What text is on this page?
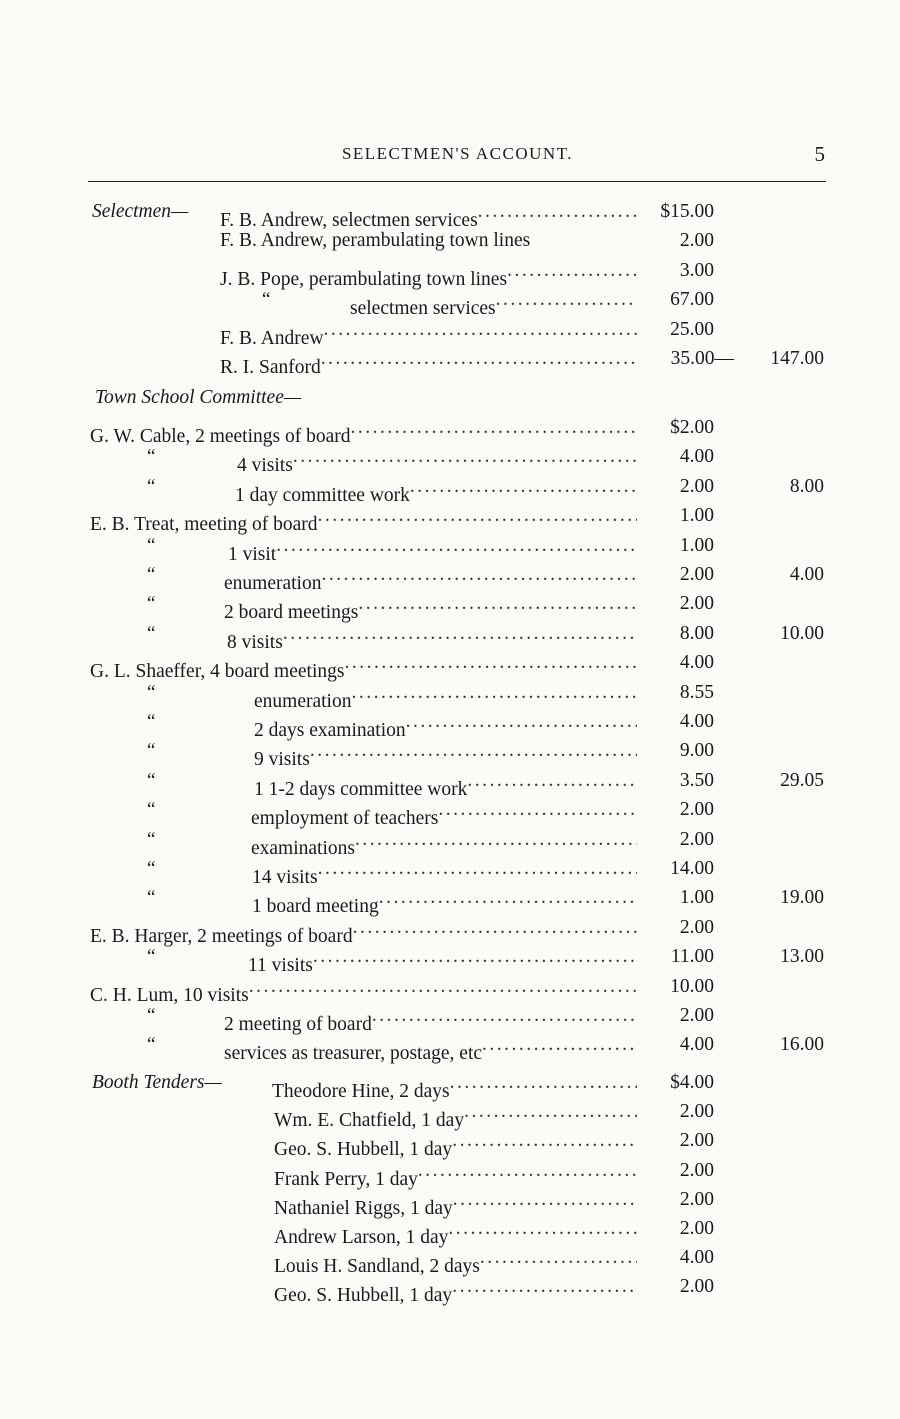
SELECTMEN'S ACCOUNT.	5
Selectmen— F. B. Andrew, selectmen services .....	$15.00
F. B. Andrew, perambulating town lines	2.00
J. B. Pope, perambulating town lines .....	3.00
“	selectmen services .....	67.00
F. B. Andrew .....	25.00
R. I. Sanford .....	35.00—	147.00
Town School Committee—
G. W. Cable, 2 meetings of board .....	$2.00
“	4 visits .....	4.00
“	1 day committee work .....	2.00	8.00
E. B. Treat, meeting of board .....	1.00
“	1 visit .....	1.00
“	enumeration .....	2.00	4.00
“	2 board meetings .....	2.00
“	8 visits .....	8.00	10.00
G. L. Shaeffer, 4 board meetings .....	4.00
“	enumeration .....	8.55
“	2 days examination .....	4.00
“	9 visits .....	9.00
“	1 1-2 days committee work .....	3.50	29.05
“	employment of teachers .....	2.00
“	examinations .....	2.00
“	14 visits .....	14.00
“	1 board meeting .....	1.00	19.00
E. B. Harger, 2 meetings of board .....	2.00
“	11 visits .....	11.00	13.00
C. H. Lum, 10 visits .....	10.00
“	2 meeting of board .....	2.00
“	services as treasurer, postage, etc .....	4.00	16.00
Booth Tenders—	Theodore Hine, 2 days .....	$4.00
Wm. E. Chatfield, 1 day .....	2.00
Geo. S. Hubbell, 1 day .....	2.00
Frank Perry, 1 day .....	2.00
Nathaniel Riggs, 1 day .....	2.00
Andrew Larson, 1 day .....	2.00
Louis H. Sandland, 2 days .....	4.00
Geo. S. Hubbell, 1 day .....	2.00
